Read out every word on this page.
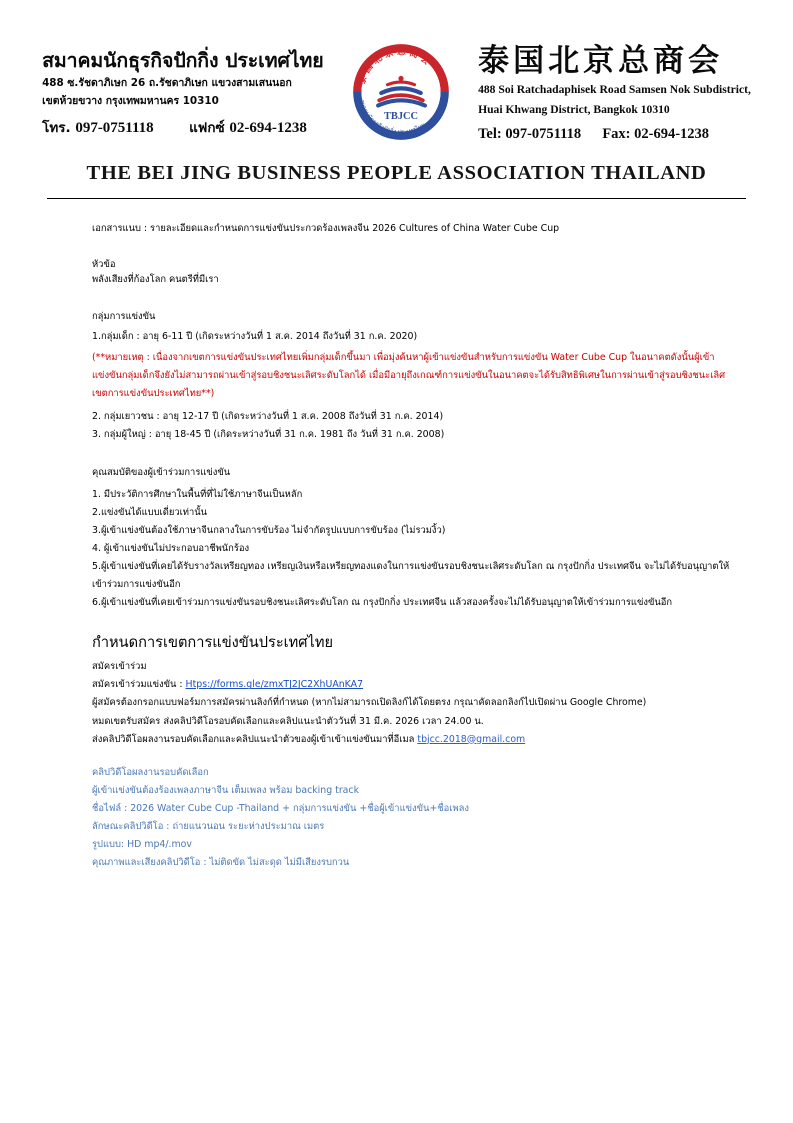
สมาคมนักธุรกิจปักกิ่ง ประเทศไทย
488 ซ.รัชดาภิเษก 26 ถ.รัชดาภิเษก แขวงสามเสนนอก
เขตห้วยขวาง กรุงเทพมหานคร 10310
โทร. 097-0751118	แฟกซ์ 02-694-1238
泰 国 北 京 总 商 会
สมาคมนักธุรกิจปักกิ่ง ประเทศไทย
TBJCC
泰国北京总商会
488 Soi Ratchadaphisek Road Samsen Nok Subdistrict,
Huai Khwang District, Bangkok 10310
Tel: 097-0751118 Fax: 02-694-1238
THE BEI JING BUSINESS PEOPLE ASSOCIATION THAILAND

เอกสารแนบ : รายละเอียดและกำหนดการแข่งขันประกวดร้องเพลงจีน 2026 Cultures of China Water Cube Cup

หัวข้อ

พลังเสียงที่ก้องโลก คนตรีที่มีเรา

กลุ่มการแข่งขัน

1.กลุ่มเด็ก : อายุ 6-11 ปี (เกิดระหว่างวันที่ 1 ส.ค. 2014 ถึงวันที่ 31 ก.ค. 2020)

(**หมายเหตุ : เนื่องจากเขตการแข่งขันประเทศไทยเพิ่มกลุ่มเด็กขึ้นมา เพื่อมุ่งค้นหาผู้เข้าแข่งขันสำหรับการแข่งขัน Water Cube Cup ในอนาคตดังนั้นผู้เข้าแข่งขันกลุ่มเด็กจึงยังไม่สามารถผ่านเข้าสู่รอบชิงชนะเลิศระดับโลกได้ เมื่อมีอายุถึงเกณฑ์การแข่งขันในอนาคตจะได้รับสิทธิพิเศษในการผ่านเข้าสู่รอบชิงชนะเลิศเขตการแข่งขันประเทศไทย**)

2. กลุ่มเยาวชน : อายุ 12-17 ปี (เกิดระหว่างวันที่ 1 ส.ค. 2008 ถึงวันที่ 31 ก.ค. 2014)

3. กลุ่มผู้ใหญ่ : อายุ 18-45 ปี (เกิดระหว่างวันที่ 31 ก.ค. 1981 ถึง วันที่ 31 ก.ค. 2008)

คุณสมบัติของผู้เข้าร่วมการแข่งขัน

1. มีประวัติการศึกษาในพื้นที่ที่ไม่ใช้ภาษาจีนเป็นหลัก

2.แข่งขันได้แบบเดี่ยวเท่านั้น

3.ผู้เข้าแข่งขันต้องใช้ภาษาจีนกลางในการขับร้อง ไม่จำกัดรูปแบบการขับร้อง (ไม่รวมงิ้ว)

4. ผู้เข้าแข่งขันไม่ประกอบอาชีพนักร้อง

5.ผู้เข้าแข่งขันที่เคยได้รับรางวัลเหรียญทอง เหรียญเงินหรือเหรียญทองแดงในการแข่งขันรอบชิงชนะเลิศระดับโลก ณ กรุงปักกิ่ง ประเทศจีน จะไม่ได้รับอนุญาตให้เข้าร่วมการแข่งขันอีก

6.ผู้เข้าแข่งขันที่เคยเข้าร่วมการแข่งขันรอบชิงชนะเลิศระดับโลก ณ กรุงปักกิ่ง ประเทศจีน แล้วสองครั้งจะไม่ได้รับอนุญาตให้เข้าร่วมการแข่งขันอีก

กำหนดการเขตการแข่งขันประเทศไทย

สมัครเข้าร่วม

สมัครเข้าร่วมแข่งขัน : Htps://forms.gle/zmxTJ2JC2XhUAnKA7

ผู้สมัครต้องกรอกแบบฟอร์มการสมัครผ่านลิงก์ที่กำหนด (หากไม่สามารถเปิดลิงก์ได้โดยตรง กรุณาคัดลอกลิงก์ไปเปิดผ่าน Google Chrome)

หมดเขตรับสมัคร ส่งคลิปวิดีโอรอบคัดเลือกและคลิปแนะนำตัววันที่ 31 มี.ค. 2026 เวลา 24.00 น.

ส่งคลิปวิดีโอผลงานรอบคัดเลือกและคลิปแนะนำตัวของผู้เข้าเข้าแข่งขันมาที่อีเมล tbjcc.2018@gmail.com

คลิปวิดีโอผลงานรอบคัดเลือก

ผู้เข้าแข่งขันต้องร้องเพลงภาษาจีน เต็มเพลง พร้อม backing track

ชื่อไฟล์ : 2026 Water Cube Cup -Thailand + กลุ่มการแข่งขัน +ชื่อผู้เข้าแข่งขัน+ชื่อเพลง

ลักษณะคลิปวิดีโอ : ถ่ายแนวนอน ระยะห่างประมาณ เมตร

รูปแบบ: HD mp4/.mov

คุณภาพและเสียงคลิปวิดีโอ : ไม่ติดขัด ไม่สะดุด ไม่มีเสียงรบกวน
